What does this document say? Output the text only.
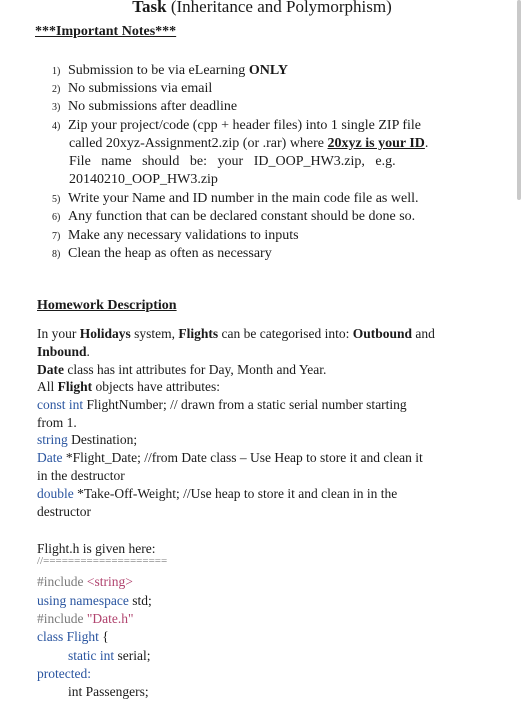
Task (Inheritance and Polymorphism)
***Important Notes***
1) Submission to be via eLearning ONLY
2) No submissions via email
3) No submissions after deadline
4) Zip your project/code (cpp + header files) into 1 single ZIP file
called 20xyz-Assignment2.zip (or .rar) where 20xyz is your ID.
File   name   should   be:   your   ID_OOP_HW3.zip,   e.g.
20140210_OOP_HW3.zip
5) Write your Name and ID number in the main code file as well.
6) Any function that can be declared constant should be done so.
7) Make any necessary validations to inputs
8) Clean the heap as often as necessary
Homework Description
In your Holidays system, Flights can be categorised into: Outbound and
Inbound.
Date class has int attributes for Day, Month and Year.
All Flight objects have attributes:
const int FlightNumber; // drawn from a static serial number starting
from 1.
string Destination;
Date *Flight_Date; //from Date class – Use Heap to store it and clean it
in the destructor
double *Take-Off-Weight; //Use heap to store it and clean in in the
destructor
Flight.h is given here:
//====================
#include <string>
using namespace std;
#include "Date.h"
class Flight {
static int serial;
protected:
int Passengers;
